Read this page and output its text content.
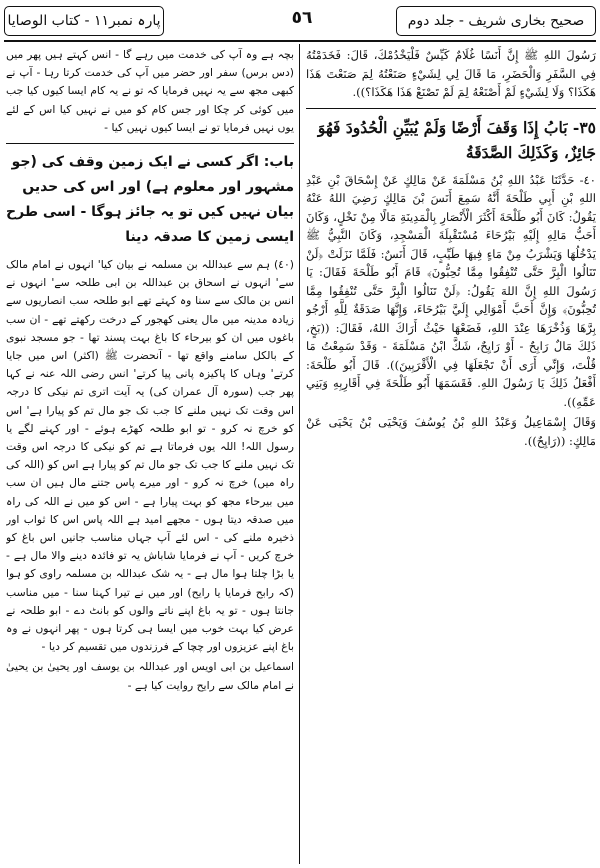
صحیح بخاری شریف - جلد دوم
٥٦
پارہ نمبر١١ - کتاب الوصایا

رَسُولَ اللهِ ﷺ إِنَّ أَنَسًا غُلَامٌ كَيِّسٌ فَلْيَخْدُمْكَ، قَالَ: فَخَدَمْتُهُ فِي السَّفَرِ وَالْحَضَرِ، مَا قَالَ لِي لِشَيْءٍ صَنَعْتُهُ لِمَ صَنَعْتَ هَذَا هَكَذَا؟ وَلَا لِشَيْءٍ لَمْ أَصْنَعْهُ لِمَ لَمْ تَصْنَعْ هَذَا هَكَذَا؟)).

٣٥- بَابُ إِذَا وَقَفَ أَرْضًا وَلَمْ يُبَيِّنِ الْحُدُودَ فَهُوَ جَائِزٌ، وَكَذَلِكَ الصَّدَقَةُ

٤٠- حَدَّثَنَا عَبْدُ اللهِ بْنُ مَسْلَمَةَ عَنْ مَالِكٍ عَنْ إِسْحَاقَ بْنِ عَبْدِ اللهِ بْنِ أَبِي طَلْحَةَ أَنَّهُ سَمِعَ أَنَسَ بْنَ مَالِكٍ رَضِيَ اللهُ عَنْهُ يَقُولُ: كَانَ أَبُو طَلْحَةَ أَكْثَرَ الْأَنْصَارِ بِالْمَدِينَةِ مَالًا مِنْ نَخْلٍ، وَكَانَ أَحَبُّ مَالِهِ إِلَيْهِ بَيْرُحَاءَ مُسْتَقْبِلَةَ الْمَسْجِدِ، وَكَانَ النَّبِيُّ ﷺ يَدْخُلُهَا وَيَشْرَبُ مِنْ مَاءٍ فِيهَا طَيِّبٍ، قَالَ أَنَسٌ: فَلَمَّا نَزَلَتْ ﴿لَنْ تَنَالُوا الْبِرَّ حَتَّى تُنْفِقُوا مِمَّا تُحِبُّونَ﴾ قَامَ أَبُو طَلْحَةَ فَقَالَ: يَا رَسُولَ اللهِ إِنَّ اللهَ يَقُولُ: ﴿لَنْ تَنَالُوا الْبِرَّ حَتَّى تُنْفِقُوا مِمَّا تُحِبُّونَ﴾ وَإِنَّ أَحَبَّ أَمْوَالِي إِلَيَّ بَيْرُحَاءَ، وَإِنَّهَا صَدَقَةٌ لِلَّهِ أَرْجُو بِرَّهَا وَذُخْرَهَا عِنْدَ اللهِ، فَضَعْهَا حَيْثُ أَرَاكَ اللهُ، فَقَالَ: ((بَخٍ، ذَلِكَ مَالٌ رَابِحٌ - أَوْ رَايِحٌ، شَكَّ ابْنُ مَسْلَمَةَ - وَقَدْ سَمِعْتُ مَا قُلْتَ، وَإِنِّي أَرَى أَنْ تَجْعَلَهَا فِي الْأَقْرَبِينَ)). قَالَ أَبُو طَلْحَةَ: أَفْعَلُ ذَلِكَ يَا رَسُولَ اللهِ. فَقَسَمَهَا أَبُو طَلْحَةَ فِي أَقَارِبِهِ وَبَنِي عَمِّهِ)).

وَقَالَ إِسْمَاعِيلُ وَعَبْدُ اللهِ بْنُ يُوسُفَ وَيَحْيَى بْنُ يَحْيَى عَنْ مَالِكٍ: ((رَايِحٌ)).

بچہ ہے وہ آپ کی خدمت میں رہے گا - انس کہتے ہیں پھر میں (دس برس) سفر اور حضر میں آپ کی خدمت کرتا رہا - آپ نے کبھی مجھ سے یہ نہیں فرمایا کہ تو نے یہ کام ایسا کیوں کیا جب میں کوئی کر چکا اور جس کام کو میں نے نہیں کیا اس کے لئے یوں نہیں فرمایا تو نے ایسا کیوں نہیں کیا -

باب: اگر کسی نے ایک زمین وقف کی (جو مشہور اور معلوم ہے) اور اس کی حدیں بیان نہیں کیں تو یہ جائز ہوگا - اسی طرح ایسی زمین کا صدقہ دینا

(٤٠) ہم سے عبداللہ بن مسلمہ نے بیان کیا' انہوں نے امام مالک سے' انہوں نے اسحاق بن عبداللہ بن ابی طلحہ سے' انہوں نے انس بن مالک سے سنا وہ کہتے تھے ابو طلحہ سب انصاریوں سے زیادہ مدینہ میں مال یعنی کھجور کے درخت رکھتے تھے - ان سب باغوں میں ان کو بیرحاء کا باغ بہت پسند تھا - جو مسجد نبوی کے بالکل سامنے واقع تھا - آنحضرت ﷺ (اکثر) اس میں جایا کرتے' وہاں کا پاکیزہ پانی پیا کرتے' انس رضی اللہ عنہ نے کہا پھر جب (سورہ آل عمران کی) یہ آیت اتری تم نیکی کا درجہ اس وقت تک نہیں ملنے کا جب تک جو مال تم کو پیارا ہے' اس کو خرچ نہ کرو - تو ابو طلحہ کھڑے ہوئے - اور کہنے لگے یا رسول اللہ! اللہ یوں فرماتا ہے تم کو نیکی کا درجہ اس وقت تک نہیں ملنے کا جب تک جو مال تم کو پیارا ہے اس کو (اللہ کی راہ میں) خرچ نہ کرو - اور میرے پاس جتنے مال ہیں ان سب میں بیرحاء مجھ کو بہت پیارا ہے - اس کو میں نے اللہ کی راہ میں صدقہ دیتا ہوں - مجھے امید ہے اللہ پاس اس کا ثواب اور ذخیرہ ملنے کی - اس لئے آپ جہاں مناسب جانیں اس باغ کو خرچ کریں - آپ نے فرمایا شاباش یہ تو فائدہ دینے والا مال ہے - یا بڑا چلتا ہوا مال ہے - یہ شک عبداللہ بن مسلمہ راوی کو ہوا (کہ رابح فرمایا یا رایح) اور میں نے تیرا کہنا سنا - میں مناسب جانتا ہوں - تو یہ باغ اپنے ناتے والوں کو بانٹ دے - ابو طلحہ نے عرض کیا بہت خوب میں ایسا ہی کرتا ہوں - پھر انہوں نے وہ باغ اپنے عزیزوں اور چچا کے فرزندوں میں تقسیم کر دیا -

اسماعیل بن ابی اویس اور عبداللہ بن یوسف اور یحییٰ بن یحییٰ نے امام مالک سے رایح روایت کیا ہے -
